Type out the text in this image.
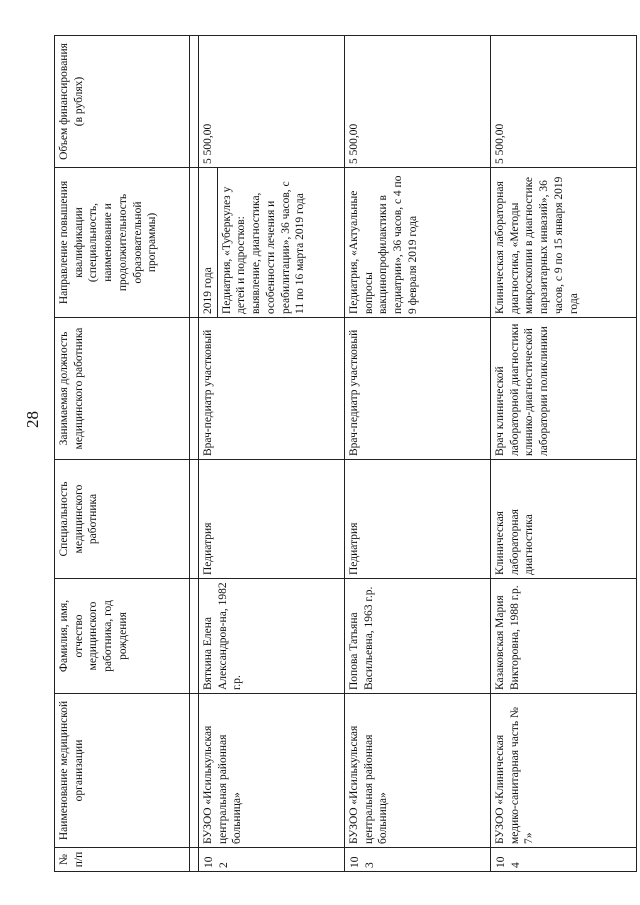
28
№ п/п	Наименование медицинской организации	Фамилия, имя, отчество медицинского работника, год рождения	Специальность медицинского работника	Занимаемая должность медицинского работника	Направление повышения квалификации (специальность, наименование и продолжительность образовательной программы)	Объем финансирования (в рублях)

102	БУЗОО «Исилькульская центральная районная больница»	Вяткина Елена Александров-на, 1982 г.р.	Педиатрия	Врач-педиатр участковый	2019 года Педиатрия, «Туберкулез у детей и подростков: выявление, диагностика, особенности лечения и реабилитации», 36 часов, с 11 по 16 марта 2019 года	5 500,00
103	БУЗОО «Исилькульская центральная районная больница»	Попова Татьяна Васильевна, 1963 г.р.	Педиатрия	Врач-педиатр участковый	Педиатрия, «Актуальные вопросы вакцинопрофилактики в педиатрии», 36 часов, с 4 по 9 февраля 2019 года	5 500,00
104	БУЗОО «Клиническая медико-санитарная часть № 7»	Казаковская Мария Викторовна, 1988 г.р.	Клиническая лабораторная диагностика	Врач клинической лабораторной диагностики клинико-диагностической лаборатории поликлиники	Клиническая лабораторная диагностика, «Методы микроскопии в диагностике паразитарных инвазий», 36 часов, с 9 по 15 января 2019 года	5 500,00
